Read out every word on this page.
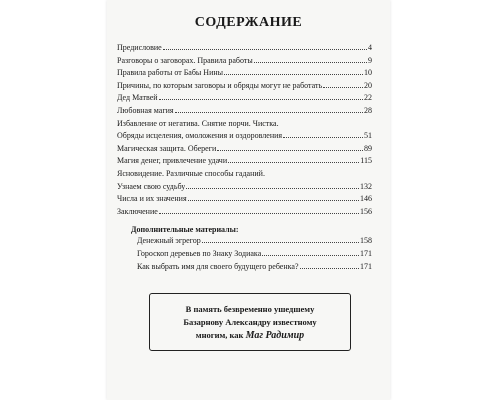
СОДЕРЖАНИЕ
Предисловие	4
Разговоры о заговорах. Правила работы	9
Правила работы от Бабы Нины	10
Причины, по которым заговоры и обряды могут не работать	20
Дед Матвей	22
Любовная магия	28
Избавление от негатива. Снятие порчи. Чистка.
Обряды исцеления, омоложения и оздоровления	51
Магическая защита. Обереги	89
Магия денег, привлечение удачи	115
Ясновидение. Различные способы гаданий.
Узнаем свою судьбу	132
Числа и их значения	146
Заключение	156
Дополнительные материалы:
Денежный эгрегор	158
Гороскоп деревьев по Знаку Зодиака	171
Как выбрать имя для своего будущего ребенка?	171
В память безвременно ушедшему
Базарнову Александру известному
многим, как Маг Радимир
